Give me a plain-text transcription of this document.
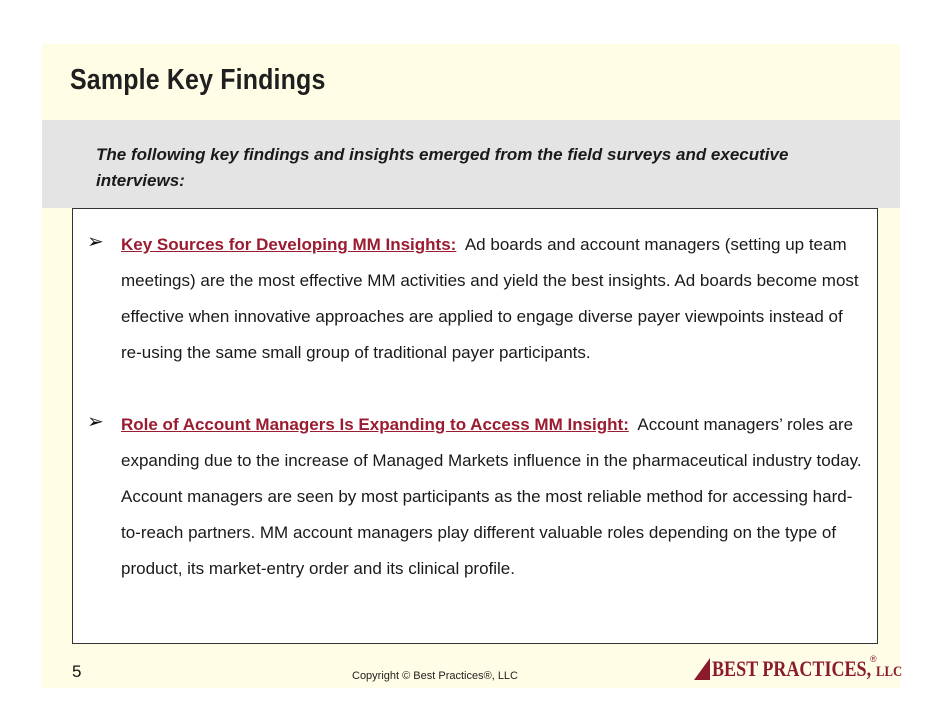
Sample Key Findings
The following key findings and insights emerged from the field surveys and executive interviews:
➢ Key Sources for Developing MM Insights: Ad boards and account managers (setting up team meetings) are the most effective MM activities and yield the best insights. Ad boards become most effective when innovative approaches are applied to engage diverse payer viewpoints instead of re-using the same small group of traditional payer participants.
➢ Role of Account Managers Is Expanding to Access MM Insight: Account managers’ roles are expanding due to the increase of Managed Markets influence in the pharmaceutical industry today. Account managers are seen by most participants as the most reliable method for accessing hard- to-reach partners. MM account managers play different valuable roles depending on the type of product, its market-entry order and its clinical profile.
5	Copyright © Best Practices®, LLC	BEST PRACTICES,
®
LLC
